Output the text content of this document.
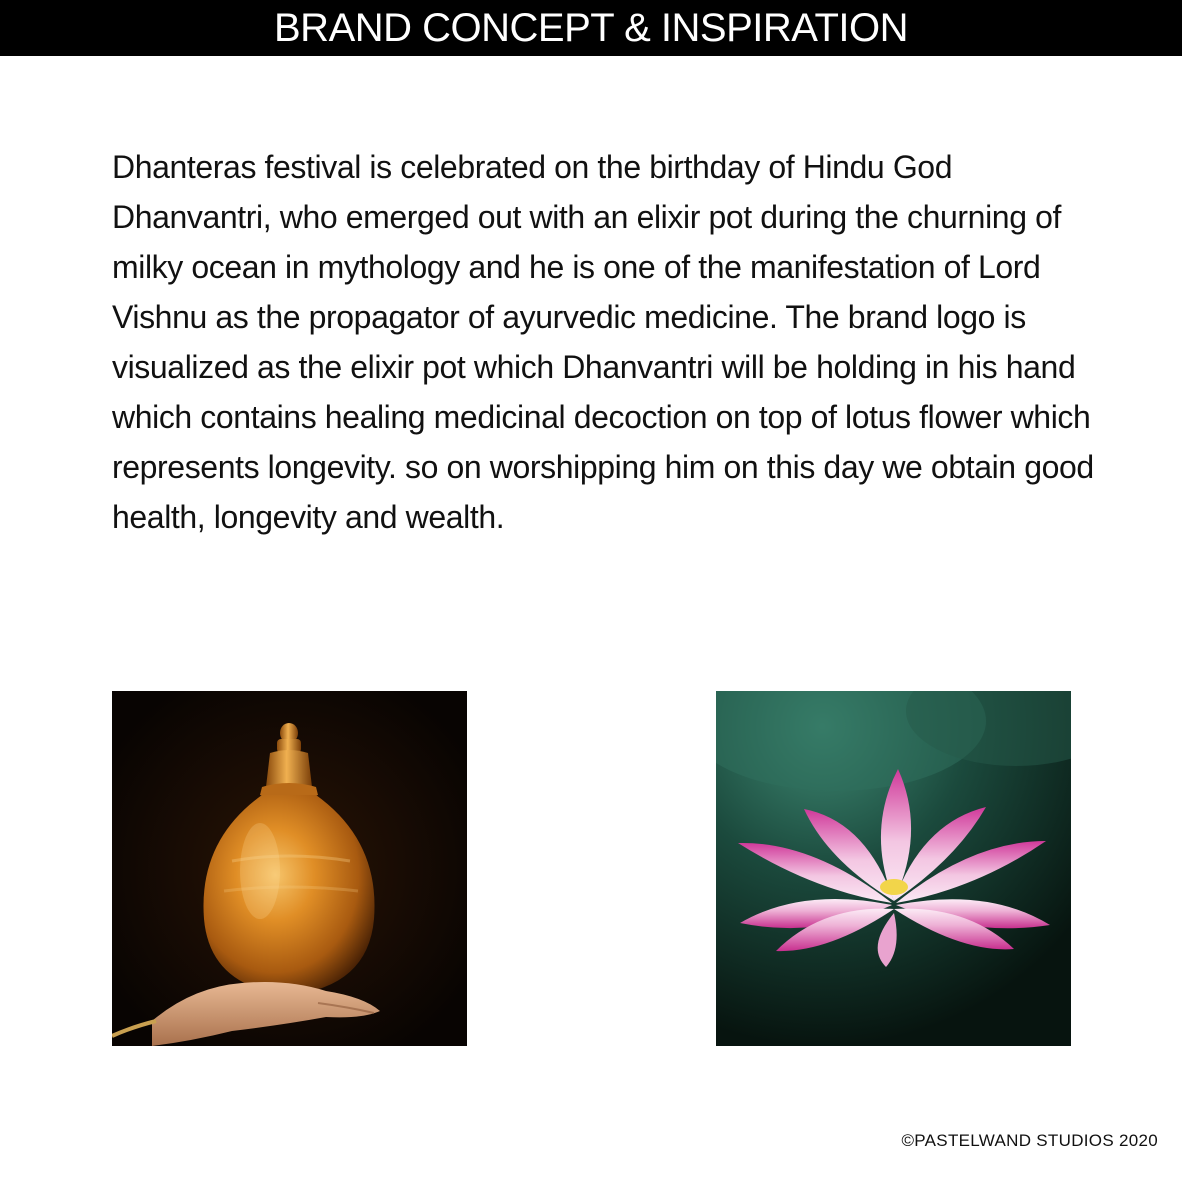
BRAND CONCEPT & INSPIRATION

Dhanteras festival is celebrated on the birthday of Hindu God Dhanvantri, who emerged out with an elixir pot during the churning of milky ocean in mythology and he is one of the manifestation of Lord Vishnu as the propagator of ayurvedic medicine. The brand logo is visualized as the elixir pot which Dhanvantri will be holding in his hand which contains healing medicinal decoction on top of lotus flower which represents longevity. so on worshipping him on this day we obtain good health, longevity and wealth.

©PASTELWAND STUDIOS 2020
